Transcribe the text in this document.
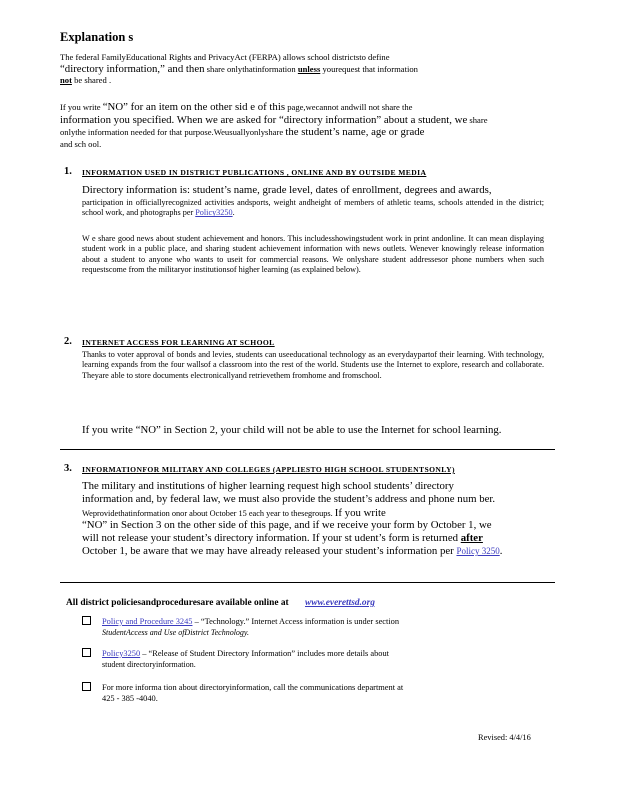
Explanation s
The federal FamilyEducational Rights and PrivacyAct (FERPA) allows school districtsto define
“directory information,” and then share onlythatinformation unless yourequest that information
not be shared .
If you write “NO” for an item on the other sid e of this page,wecannot andwill not share the
information you specified. When we are asked for “directory information” about a student, we share
onlythe information needed for that purpose.Weusuallyonlyshare the student’s name, age or grade
and sch ool.
1. INFORMATION USED IN DISTRICT PUBLICATIONS , ONLINE AND BY OUTSIDE MEDIA
Directory information is: student’s name, grade level, dates of enrollment, degrees and awards,
participation in officiallyrecognized activities andsports, weight andheight of members of athletic teams, schools attended in the district; school work, and photographs per Policy3250.
W e share good news about student achievement and honors. This includesshowingstudent work in print andonline. It can mean displaying student work in a public place, and sharing student achievement information with news outlets. Wenever knowingly release information about a student to anyone who wants to useit for commercial reasons. We onlyshare student addressesor phone numbers when such requestscome from the militaryor institutionsof higher learning (as explained below).
2. INTERNET ACCESS FOR LEARNING AT SCHOOL
Thanks to voter approval of bonds and levies, students can useeducational technology as an everydaypartof their learning. With technology, learning expands from the four wallsof a classroom into the rest of the world. Students use the Internet to explore, research and collaborate. Theyare able to store documents electronicallyand retrievethem fromhome and fromschool.
If you write “NO” in Section 2, your child will not be able to use the Internet for school learning.
3. INFORMATIONFOR MILITARY AND COLLEGES (APPLIESTO HIGH SCHOOL STUDENTSONLY)
The military and institutions of higher learning request high school students’ directory
information and, by federal law, we must also provide the student’s address and phone num ber.
Weprovidethatinformation onor about October 15 each year to thesegroups. If you write
“NO” in Section 3 on the other side of this page, and if we receive your form by October 1, we
will not release your student’s directory information. If your st udent’s form is returned after
October 1, be aware that we may have already released your student’s information per Policy 3250.
All district policiesandproceduresare available online at www.everettsd.org
Policy and Procedure 3245 – “Technology.” Internet Access information is under section
StudentAccess and Use ofDistrict Technology.
Policy3250 – “Release of Student Directory Information” includes more details about
student directoryinformation.
For more informa tion about directoryinformation, call the communications department at
425 - 385 -4040.
Revised: 4/4/16
